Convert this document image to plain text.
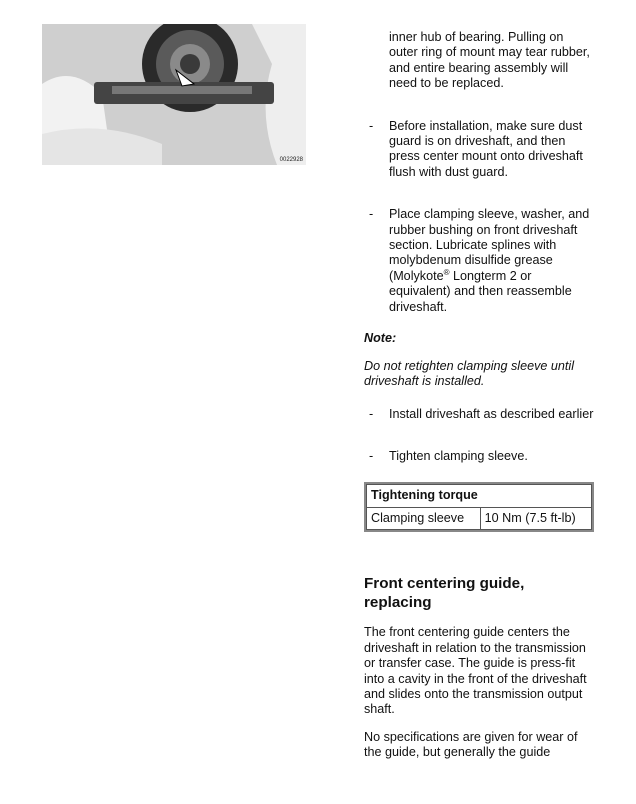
0022928

inner hub of bearing. Pulling on outer ring of mount may tear rubber, and entire bearing assembly will need to be replaced.

- Before installation, make sure dust guard is on driveshaft, and then press center mount onto driveshaft flush with dust guard.

- Place clamping sleeve, washer, and rubber bushing on front driveshaft section. Lubricate splines with molybdenum disulfide grease (Molykote® Longterm 2 or equivalent) and then reassemble driveshaft.

Note:

Do not retighten clamping sleeve until driveshaft is installed.

- Install driveshaft as described earlier

- Tighten clamping sleeve.

Tightening torque
Clamping sleeve	10 Nm (7.5 ft-lb)
Front centering guide, replacing

The front centering guide centers the driveshaft in relation to the transmission or transfer case. The guide is press-fit into a cavity in the front of the driveshaft and slides onto the transmission output shaft.

No specifications are given for wear of the guide, but generally the guide
